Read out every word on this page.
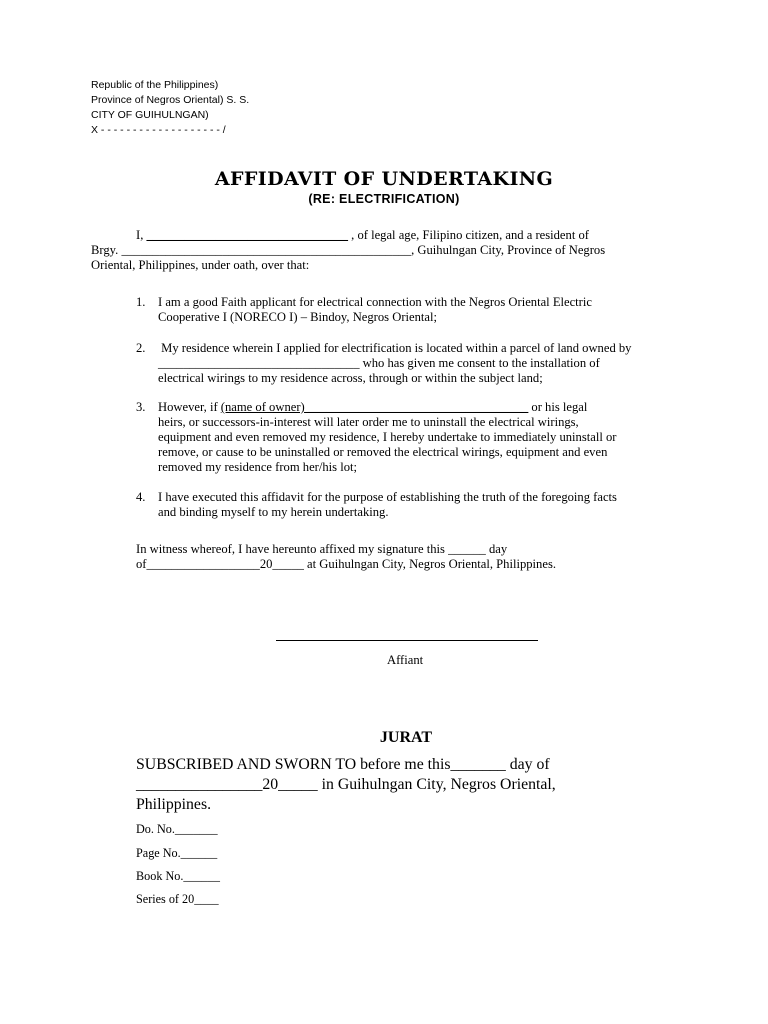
Republic of the Philippines)
Province of Negros Oriental) S. S.
CITY OF GUIHULNGAN)
X - - - - - - - - - - - - - - - - - - - /
AFFIDAVIT OF UNDERTAKING
(RE: ELECTRIFICATION)
I, ________________________________ , of legal age, Filipino citizen, and a resident of
Brgy. ______________________________________________, Guihulngan City, Province of Negros
Oriental, Philippines, under oath, over that:
1. I am a good Faith applicant for electrical connection with the Negros Oriental Electric
Cooperative I (NORECO I) – Bindoy, Negros Oriental;
2. My residence wherein I applied for electrification is located within a parcel of land owned by
________________________________ who has given me consent to the installation of
electrical wirings to my residence across, through or within the subject land;
3. However, if (name of owner) ___________________________________ or his legal
heirs, or successors-in-interest will later order me to uninstall the electrical wirings,
equipment and even removed my residence, I hereby undertake to immediately uninstall or
remove, or cause to be uninstalled or removed the electrical wirings, equipment and even
removed my residence from her/his lot;
4. I have executed this affidavit for the purpose of establishing the truth of the foregoing facts
and binding myself to my herein undertaking.
In witness whereof, I have hereunto affixed my signature this ______ day
of__________________20_____ at Guihulngan City, Negros Oriental, Philippines.
Affiant
JURAT
SUBSCRIBED AND SWORN TO before me this_______ day of
________________20_____ in Guihulngan City, Negros Oriental,
Philippines.
Do. No._______
Page No.______
Book No.______
Series of 20____
